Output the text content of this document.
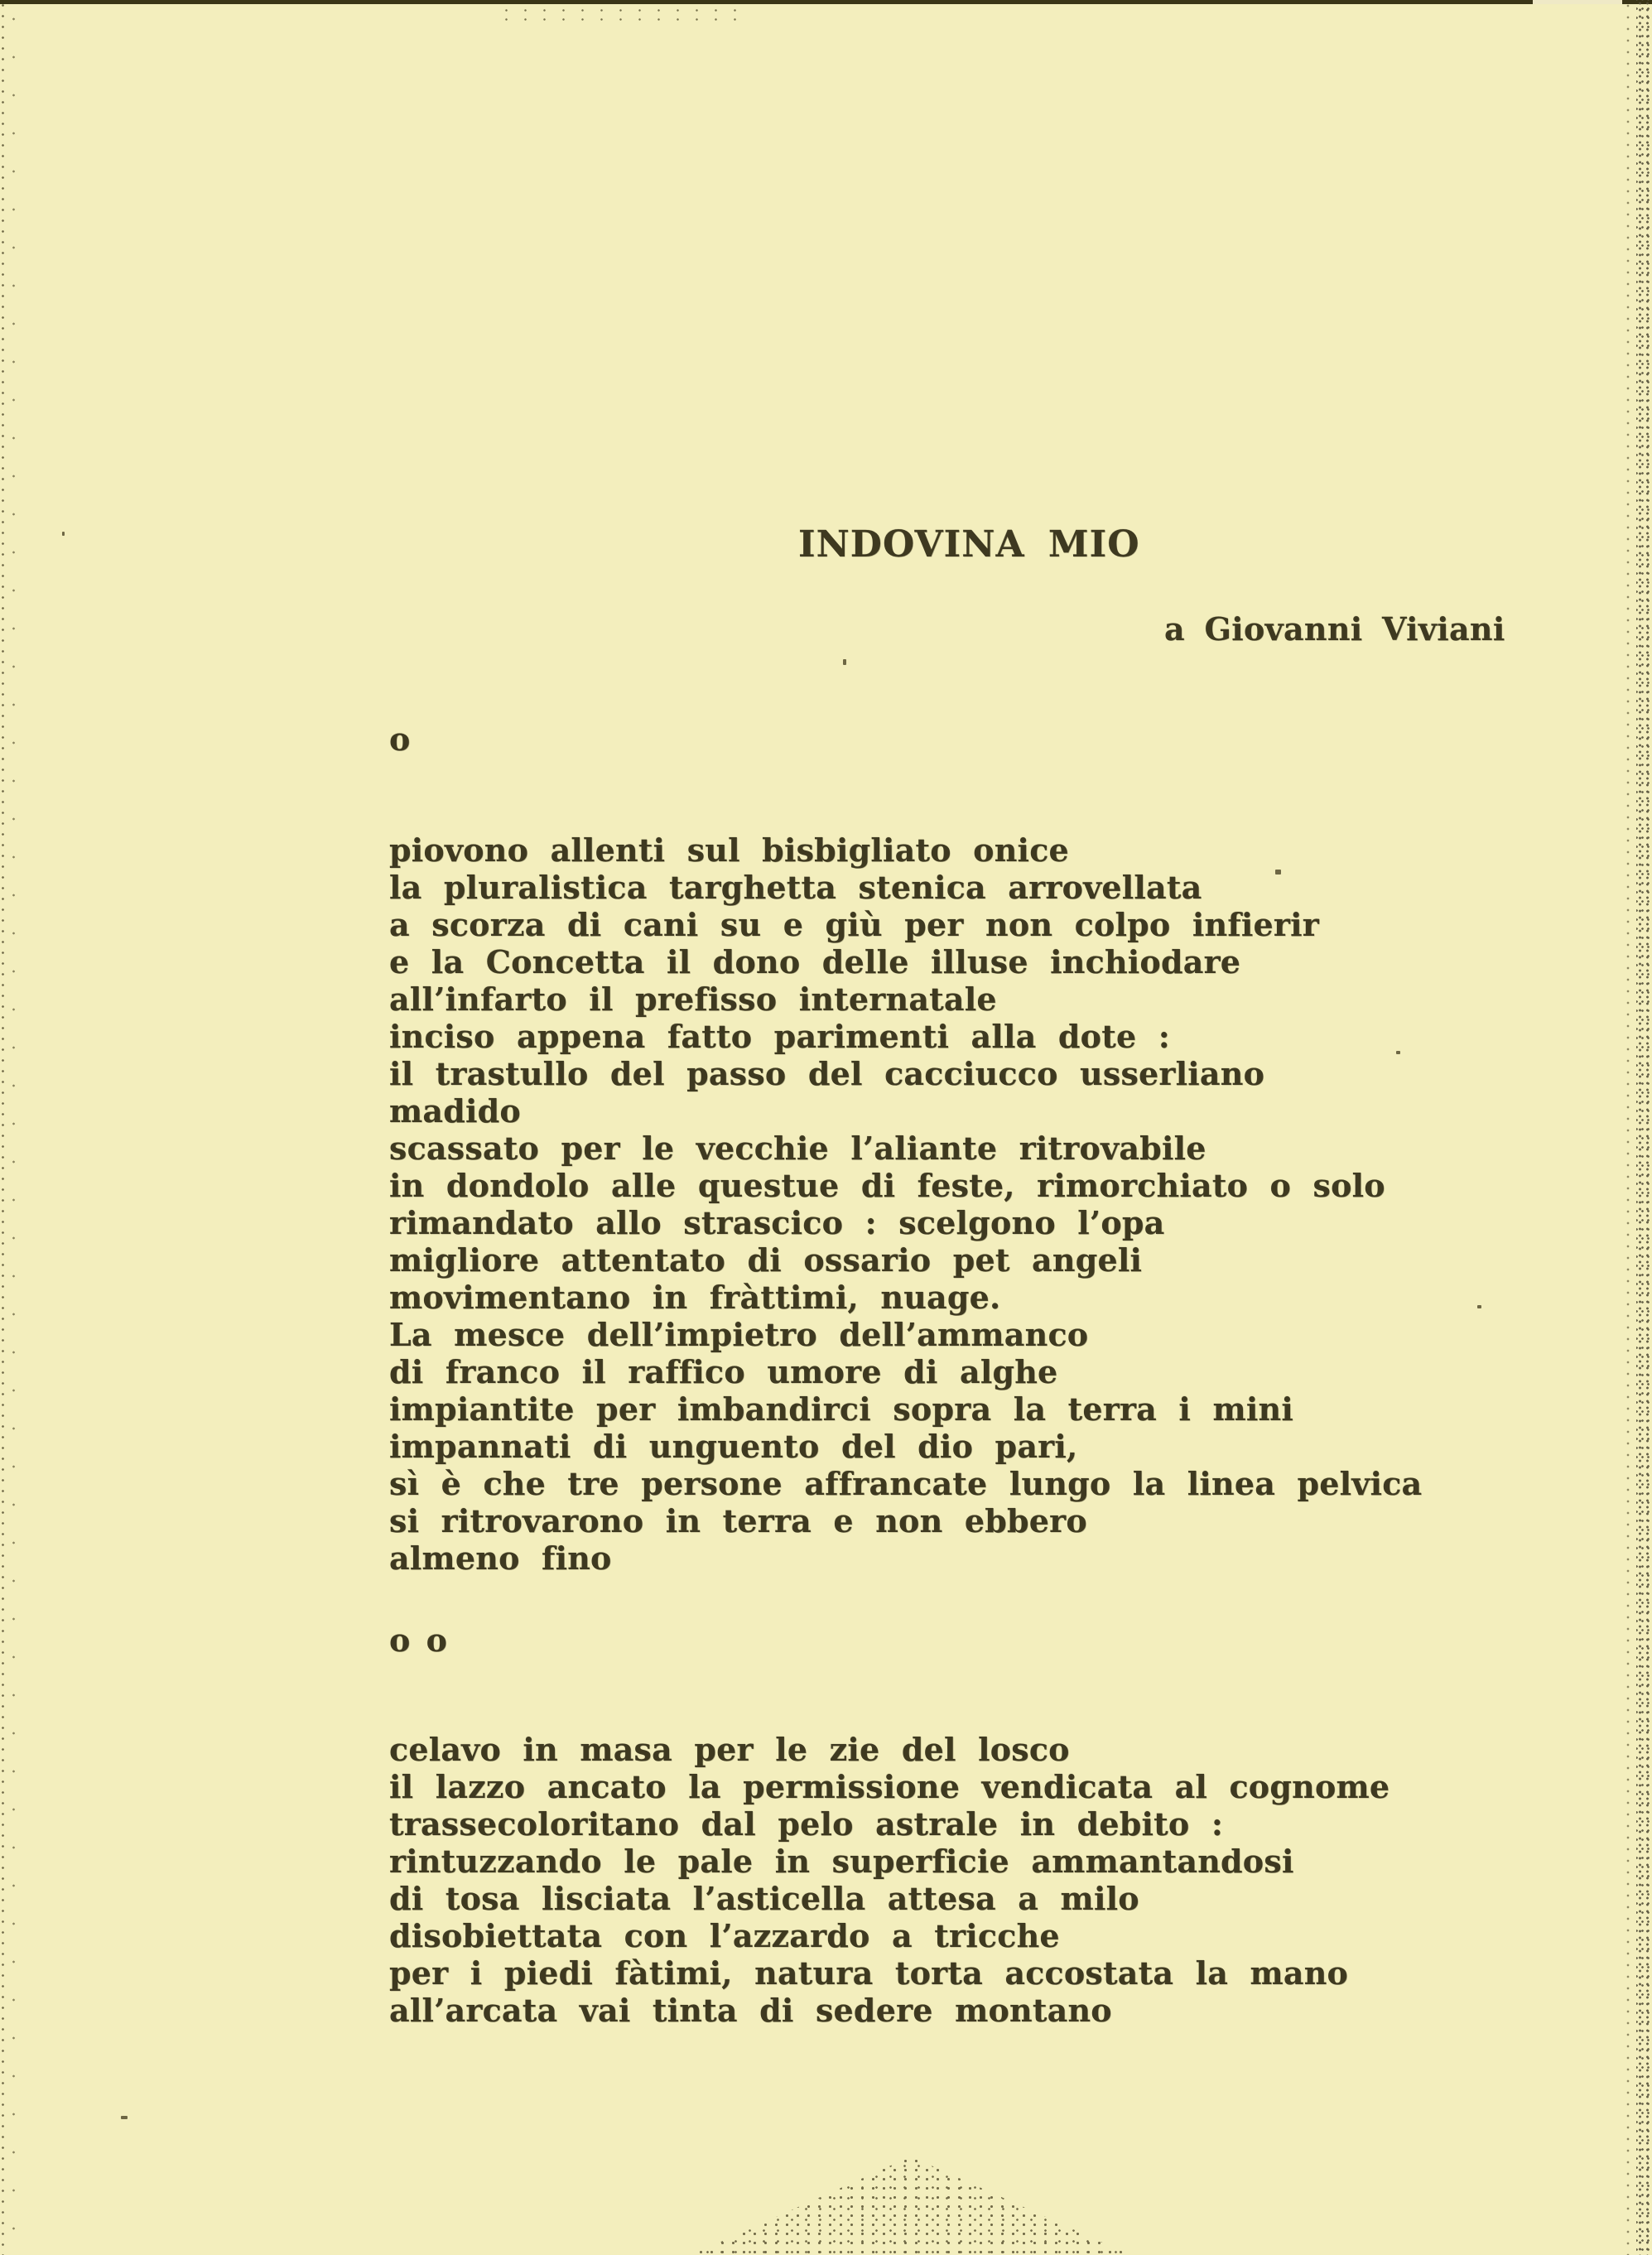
INDOVINA MIO
a Giovanni Viviani
o
piovono allenti sul bisbigliato onice
la pluralistica targhetta stenica arrovellata
a scorza di cani su e giù per non colpo infierir
e la Concetta il dono delle illuse inchiodare
all’infarto il prefisso internatale
inciso appena fatto parimenti alla dote :
il trastullo del passo del cacciucco usserliano
madido
scassato per le vecchie l’aliante ritrovabile
in dondolo alle questue di feste, rimorchiato o solo
rimandato allo strascico : scelgono l’opa
migliore attentato di ossario pet angeli
movimentano in fràttimi, nuage.
La mesce dell’impietro dell’ammanco
di franco il raffico umore di alghe
impiantite per imbandirci sopra la terra i mini
impannati di unguento del dio pari,
sì è che tre persone affrancate lungo la linea pelvica
si ritrovarono in terra e non ebbero
almeno fino
o o
celavo in masa per le zie del losco
il lazzo ancato la permissione vendicata al cognome
trassecoloritano dal pelo astrale in debito :
rintuzzando le pale in superficie ammantandosi
di tosa lisciata l’asticella attesa a milo
disobiettata con l’azzardo a tricche
per i piedi fàtimi, natura torta accostata la mano
all’arcata vai tinta di sedere montano
